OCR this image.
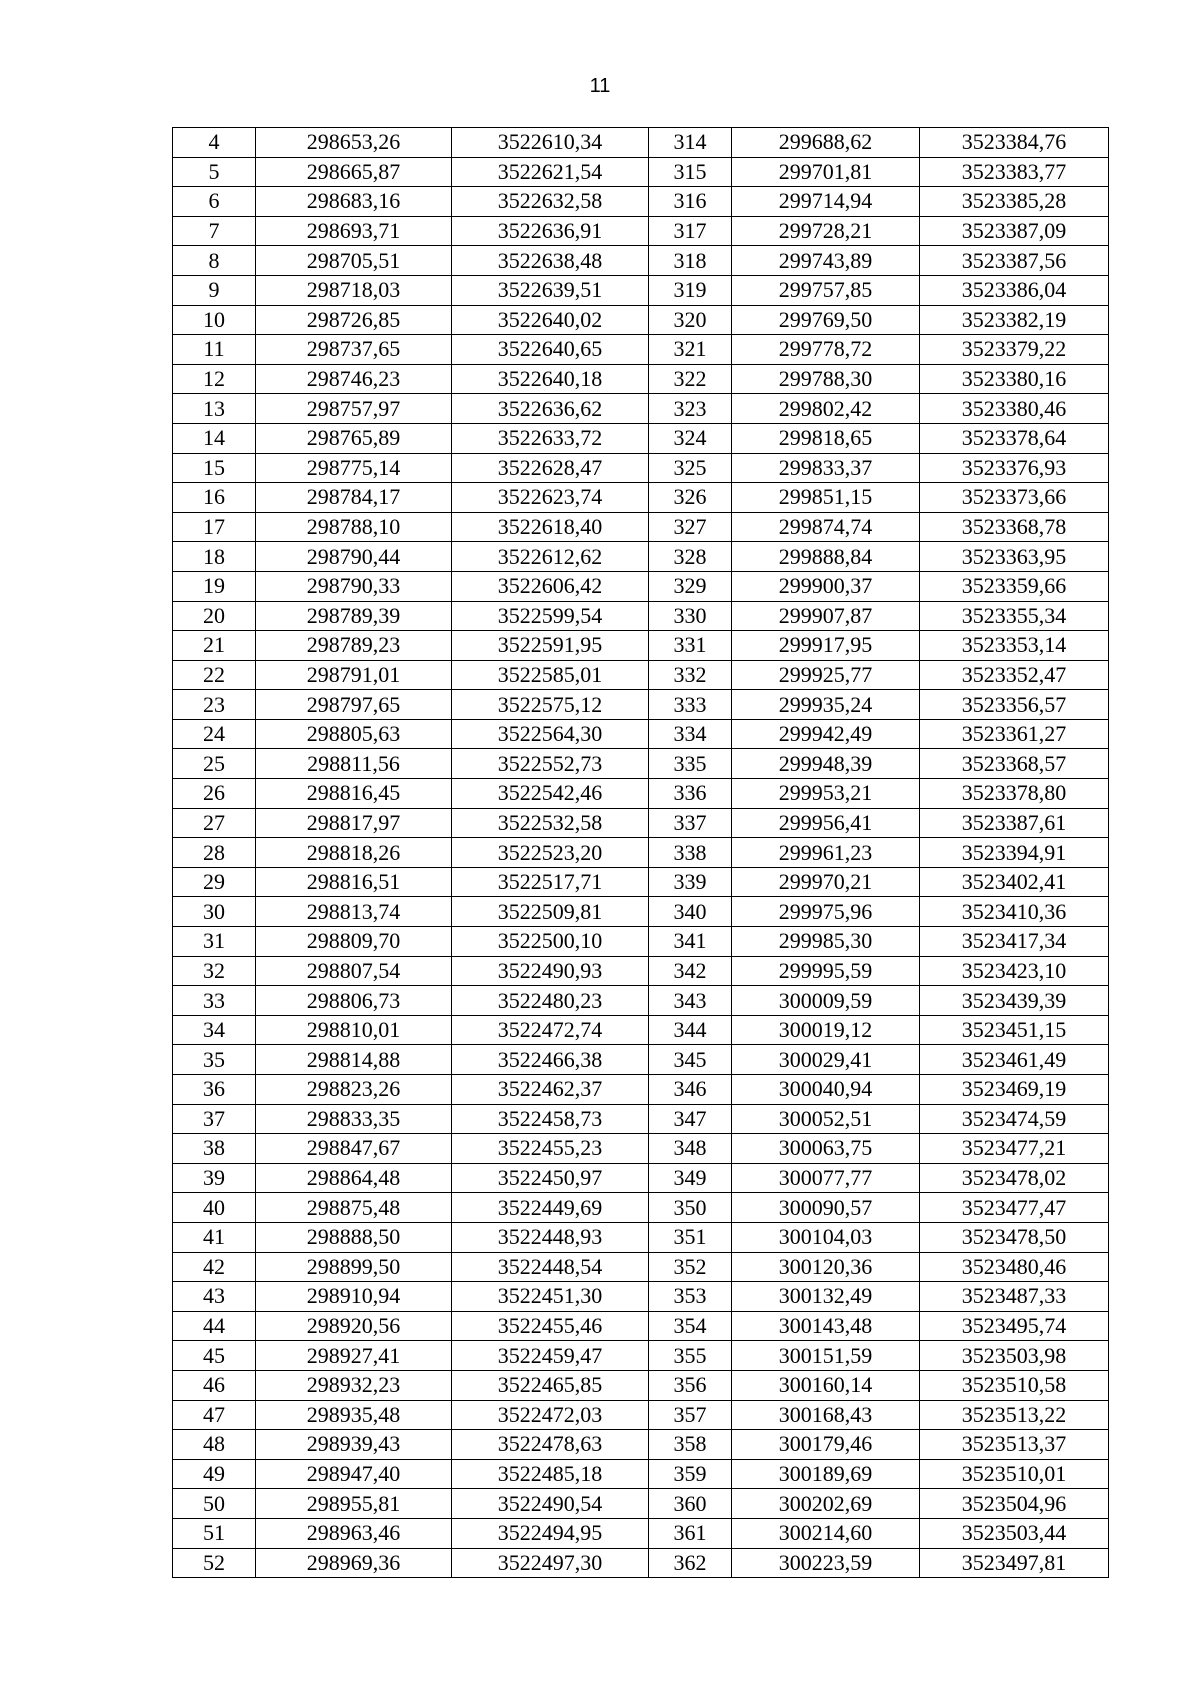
11
4	298653,26	3522610,34	314	299688,62	3523384,76
5	298665,87	3522621,54	315	299701,81	3523383,77
6	298683,16	3522632,58	316	299714,94	3523385,28
7	298693,71	3522636,91	317	299728,21	3523387,09
8	298705,51	3522638,48	318	299743,89	3523387,56
9	298718,03	3522639,51	319	299757,85	3523386,04
10	298726,85	3522640,02	320	299769,50	3523382,19
11	298737,65	3522640,65	321	299778,72	3523379,22
12	298746,23	3522640,18	322	299788,30	3523380,16
13	298757,97	3522636,62	323	299802,42	3523380,46
14	298765,89	3522633,72	324	299818,65	3523378,64
15	298775,14	3522628,47	325	299833,37	3523376,93
16	298784,17	3522623,74	326	299851,15	3523373,66
17	298788,10	3522618,40	327	299874,74	3523368,78
18	298790,44	3522612,62	328	299888,84	3523363,95
19	298790,33	3522606,42	329	299900,37	3523359,66
20	298789,39	3522599,54	330	299907,87	3523355,34
21	298789,23	3522591,95	331	299917,95	3523353,14
22	298791,01	3522585,01	332	299925,77	3523352,47
23	298797,65	3522575,12	333	299935,24	3523356,57
24	298805,63	3522564,30	334	299942,49	3523361,27
25	298811,56	3522552,73	335	299948,39	3523368,57
26	298816,45	3522542,46	336	299953,21	3523378,80
27	298817,97	3522532,58	337	299956,41	3523387,61
28	298818,26	3522523,20	338	299961,23	3523394,91
29	298816,51	3522517,71	339	299970,21	3523402,41
30	298813,74	3522509,81	340	299975,96	3523410,36
31	298809,70	3522500,10	341	299985,30	3523417,34
32	298807,54	3522490,93	342	299995,59	3523423,10
33	298806,73	3522480,23	343	300009,59	3523439,39
34	298810,01	3522472,74	344	300019,12	3523451,15
35	298814,88	3522466,38	345	300029,41	3523461,49
36	298823,26	3522462,37	346	300040,94	3523469,19
37	298833,35	3522458,73	347	300052,51	3523474,59
38	298847,67	3522455,23	348	300063,75	3523477,21
39	298864,48	3522450,97	349	300077,77	3523478,02
40	298875,48	3522449,69	350	300090,57	3523477,47
41	298888,50	3522448,93	351	300104,03	3523478,50
42	298899,50	3522448,54	352	300120,36	3523480,46
43	298910,94	3522451,30	353	300132,49	3523487,33
44	298920,56	3522455,46	354	300143,48	3523495,74
45	298927,41	3522459,47	355	300151,59	3523503,98
46	298932,23	3522465,85	356	300160,14	3523510,58
47	298935,48	3522472,03	357	300168,43	3523513,22
48	298939,43	3522478,63	358	300179,46	3523513,37
49	298947,40	3522485,18	359	300189,69	3523510,01
50	298955,81	3522490,54	360	300202,69	3523504,96
51	298963,46	3522494,95	361	300214,60	3523503,44
52	298969,36	3522497,30	362	300223,59	3523497,81
